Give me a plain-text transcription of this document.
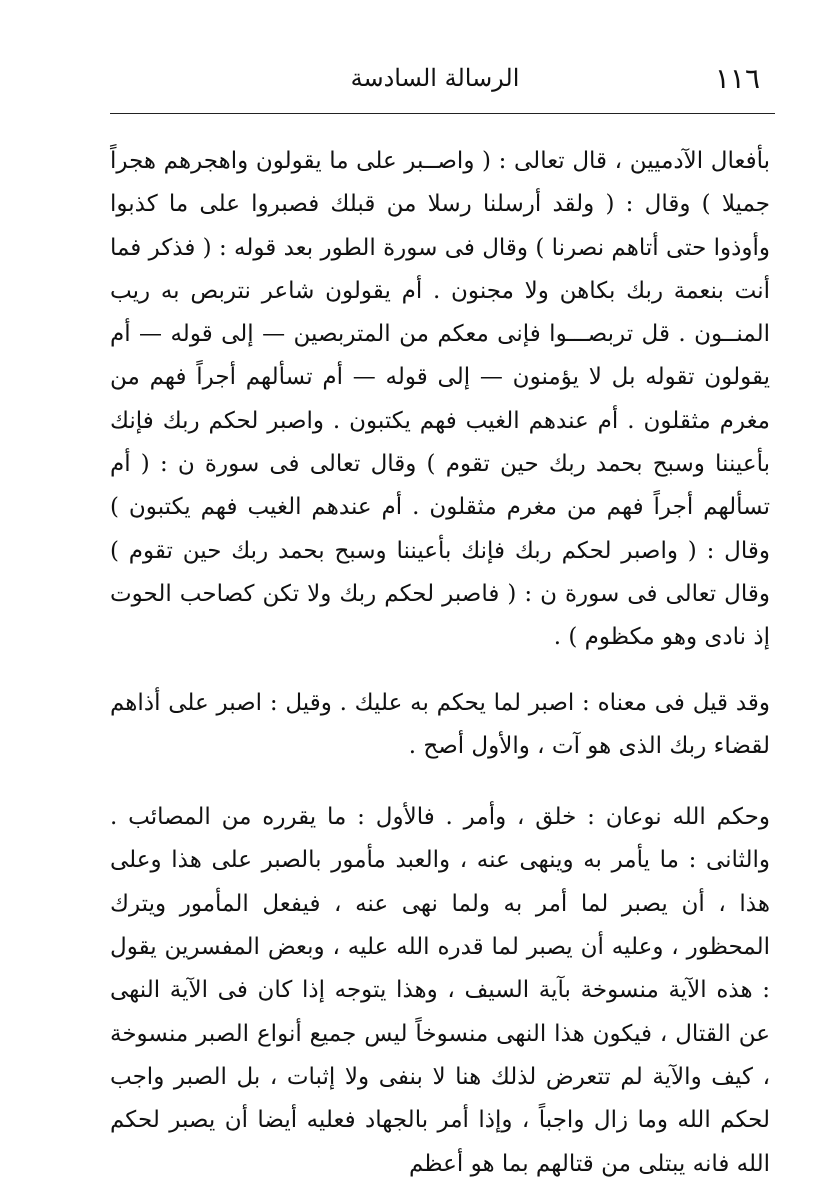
١١٦
الرسالة السادسة

بأفعال الآدميين ، قال تعالى : ( واصــبر على ما يقولون واهجرهم هجراً جميلا ) وقال : ( ولقد أرسلنا رسلا من قبلك فصبروا على ما كذبوا وأوذوا حتى أتاهم نصرنا ) وقال فى سورة الطور بعد قوله : ( فذكر فما أنت بنعمة ربك بكاهن ولا مجنون . أم يقولون شاعر نتربص به ريب المنــون . قل تربصـــوا فإنى معكم من المتربصين — إلى قوله — أم يقولون تقوله بل لا يؤمنون — إلى قوله — أم تسألهم أجراً فهم من مغرم مثقلون . أم عندهم الغيب فهم يكتبون . واصبر لحكم ربك فإنك بأعيننا وسبح بحمد ربك حين تقوم ) وقال تعالى فى سورة ن : ( أم تسألهم أجراً فهم من مغرم مثقلون . أم عندهم الغيب فهم يكتبون ) وقال : ( واصبر لحكم ربك فإنك بأعيننا وسبح بحمد ربك حين تقوم ) وقال تعالى فى سورة ن : ( فاصبر لحكم ربك ولا تكن كصاحب الحوت إذ نادى وهو مكظوم ) .

وقد قيل فى معناه : اصبر لما يحكم به عليك . وقيل : اصبر على أذاهم لقضاء ربك الذى هو آت ، والأول أصح .

وحكم الله نوعان : خلق ، وأمر . فالأول : ما يقرره من المصائب . والثانى : ما يأمر به وينهى عنه ، والعبد مأمور بالصبر على هذا وعلى هذا ، أن يصبر لما أمر به ولما نهى عنه ، فيفعل المأمور ويترك المحظور ، وعليه أن يصبر لما قدره الله عليه ، وبعض المفسرين يقول : هذه الآية منسوخة بآية السيف ، وهذا يتوجه إذا كان فى الآية النهى عن القتال ، فيكون هذا النهى منسوخاً ليس جميع أنواع الصبر منسوخة ، كيف والآية لم تتعرض لذلك هنا لا بنفى ولا إثبات ، بل الصبر واجب لحكم الله وما زال واجباً ، وإذا أمر بالجهاد فعليه أيضا أن يصبر لحكم الله فانه يبتلى من قتالهم بما هو أعظم
